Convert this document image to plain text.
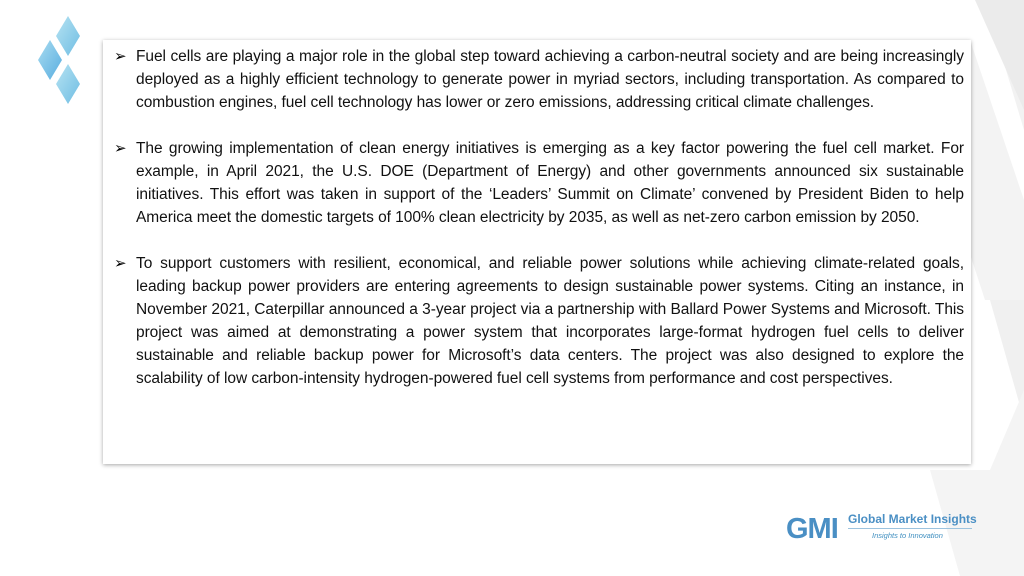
➢ Fuel cells are playing a major role in the global step toward achieving a carbon-neutral society and are being increasingly deployed as a highly efficient technology to generate power in myriad sectors, including transportation. As compared to combustion engines, fuel cell technology has lower or zero emissions, addressing critical climate challenges.
➢ The growing implementation of clean energy initiatives is emerging as a key factor powering the fuel cell market. For example, in April 2021, the U.S. DOE (Department of Energy) and other governments announced six sustainable initiatives. This effort was taken in support of the ‘Leaders’ Summit on Climate’ convened by President Biden to help America meet the domestic targets of 100% clean electricity by 2035, as well as net-zero carbon emission by 2050.
➢ To support customers with resilient, economical, and reliable power solutions while achieving climate-related goals, leading backup power providers are entering agreements to design sustainable power systems. Citing an instance, in November 2021, Caterpillar announced a 3-year project via a partnership with Ballard Power Systems and Microsoft. This project was aimed at demonstrating a power system that incorporates large-format hydrogen fuel cells to deliver sustainable and reliable backup power for Microsoft’s data centers. The project was also designed to explore the scalability of low carbon-intensity hydrogen-powered fuel cell systems from performance and cost perspectives.
GMI Global Market Insights
Insights to Innovation
